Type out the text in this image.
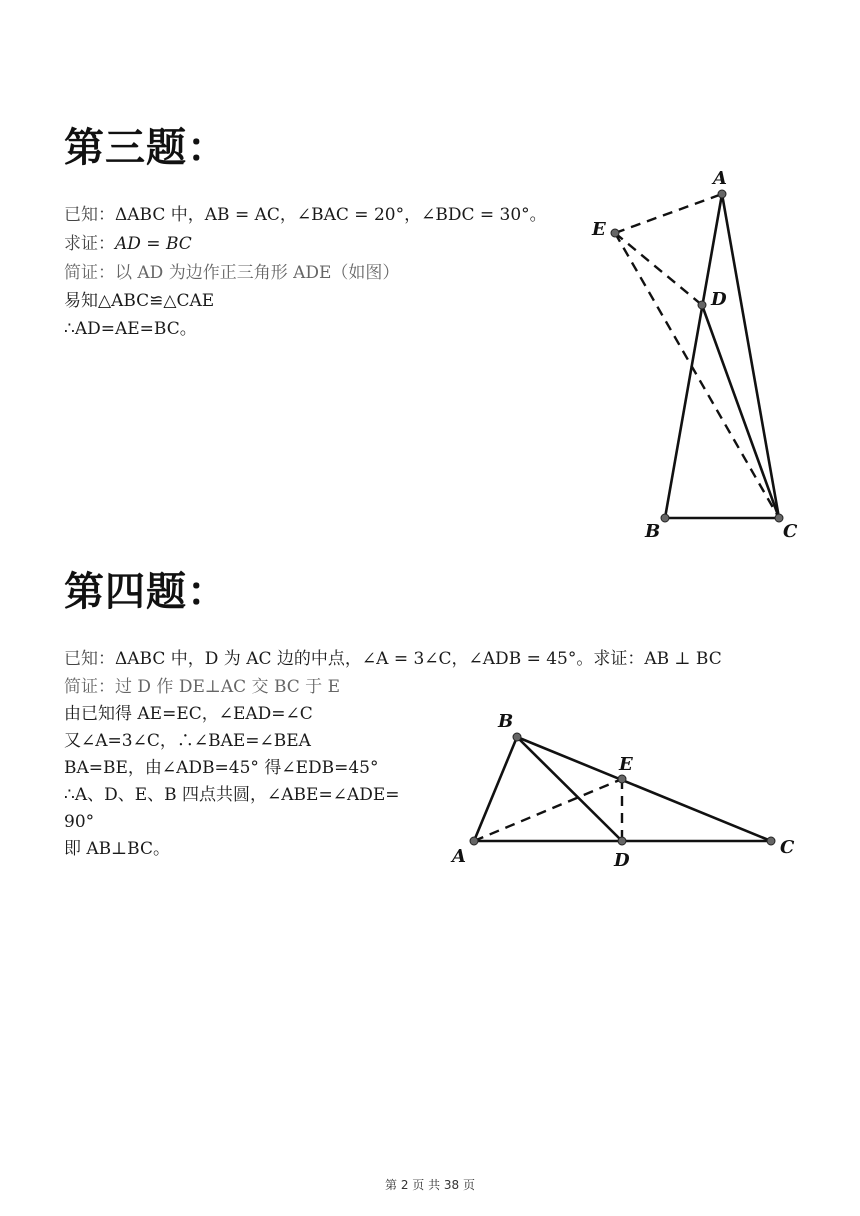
第三题：
已知：ΔABC 中，AB = AC，∠BAC = 20°，∠BDC = 30°。
求证：AD = BC
简证：以 AD 为边作正三角形 ADE（如图）
易知△ABC≌△CAE
∴AD=AE=BC。
A
B	C
D
E
第四题：
已知：ΔABC 中，D 为 AC 边的中点，∠A = 3∠C，∠ADB = 45°。求证：AB ⊥ BC
简证：过 D 作 DE⊥AC 交 BC 于 E
由已知得 AE=EC，∠EAD=∠C
又∠A=3∠C，∴∠BAE=∠BEA
BA=BE，由∠ADB=45° 得∠EDB=45°
∴A、D、E、B 四点共圆，∠ABE=∠ADE=
90°
即 AB⊥BC。	A
B
C
D
E
第 2 页 共 38 页
